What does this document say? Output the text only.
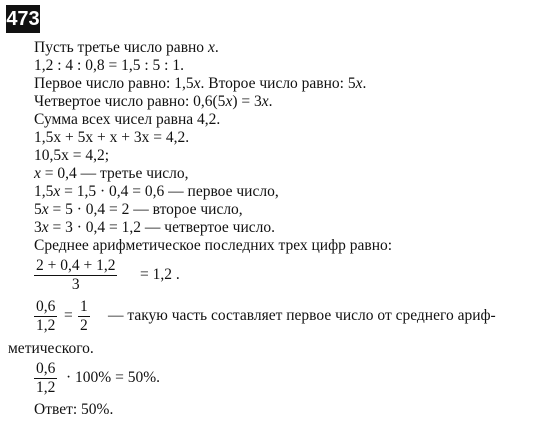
473
Пусть третье число равно x.
1,2 : 4 : 0,8 = 1,5 : 5 : 1.
Первое число равно: 1,5x. Второе число равно: 5x.
Четвертое число равно: 0,6(5x) = 3x.
Сумма всех чисел равна 4,2.
1,5x + 5x + x + 3x = 4,2.
10,5x = 4,2;
x = 0,4 — третье число,
1,5x = 1,5 · 0,4 = 0,6 — первое число,
5x = 5 · 0,4 = 2 — второе число,
3x = 3 · 0,4 = 1,2 — четвертое число.
Среднее арифметическое последних трех цифр равно:
$\frac{2 + 0,4 + 1,2}{3} = 1,2$ .
$\frac{0,6}{1,2} = \frac{1}{2}$ — такую часть составляет первое число от среднего ариф-
метического.
$\frac{0,6}{1,2} \cdot 100\% = 50\%$.
Ответ: 50%.
